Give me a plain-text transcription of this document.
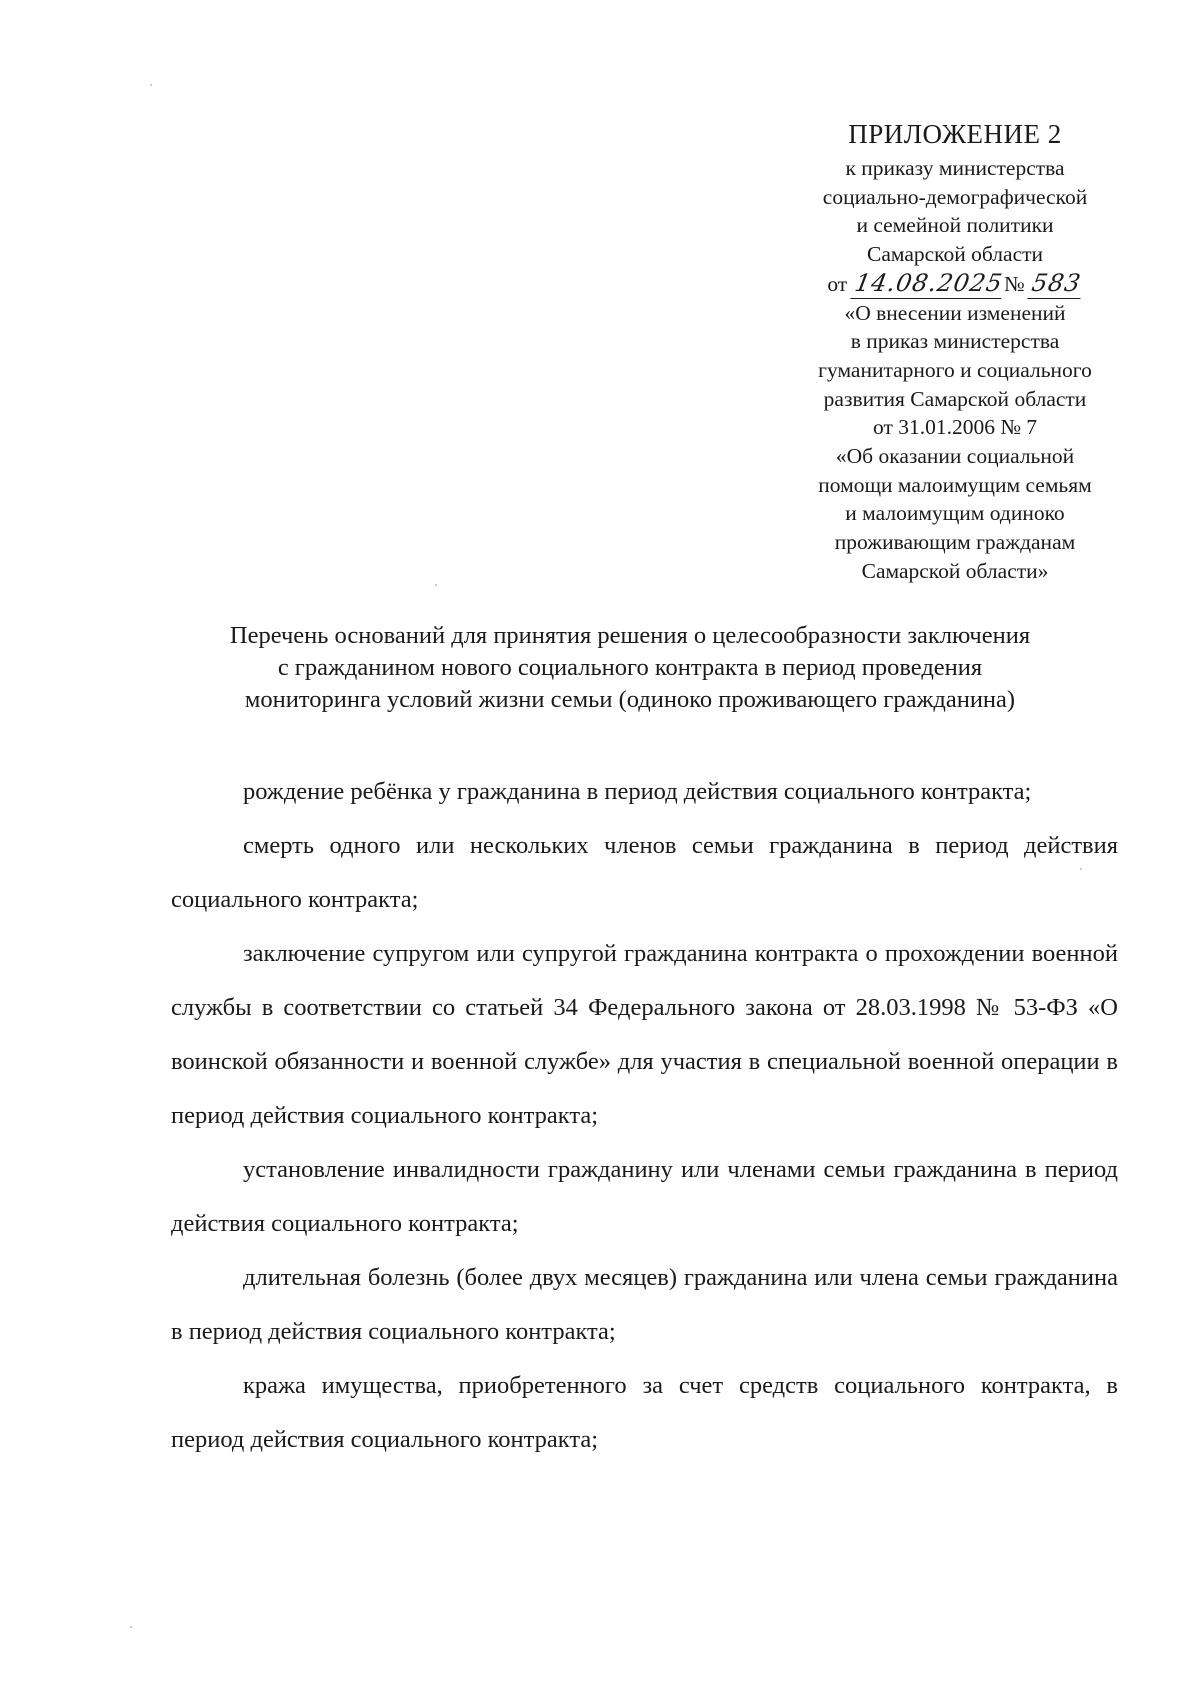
ПРИЛОЖЕНИЕ 2
к приказу министерства
социально-демографической
и семейной политики
Самарской области
от 14.08.2025№ 583
«О внесении изменений
в приказ министерства
гуманитарного и социального
развития Самарской области
от 31.01.2006 № 7
«Об оказании социальной
помощи малоимущим семьям
и малоимущим одиноко
проживающим гражданам
Самарской области»
Перечень оснований для принятия решения о целесообразности заключения
с гражданином нового социального контракта в период проведения
мониторинга условий жизни семьи (одиноко проживающего гражданина)

рождение ребёнка у гражданина в период действия социального контракта;

смерть одного или нескольких членов семьи гражданина в период действия социального контракта;

заключение супругом или супругой гражданина контракта о прохождении военной службы в соответствии со статьей 34 Федерального закона от 28.03.1998 № 53-ФЗ «О воинской обязанности и военной службе» для участия в специальной военной операции в период действия социального контракта;

установление инвалидности гражданину или членами семьи гражданина в период действия социального контракта;

длительная болезнь (более двух месяцев) гражданина или члена семьи гражданина в период действия социального контракта;

кража имущества, приобретенного за счет средств социального контракта, в период действия социального контракта;
